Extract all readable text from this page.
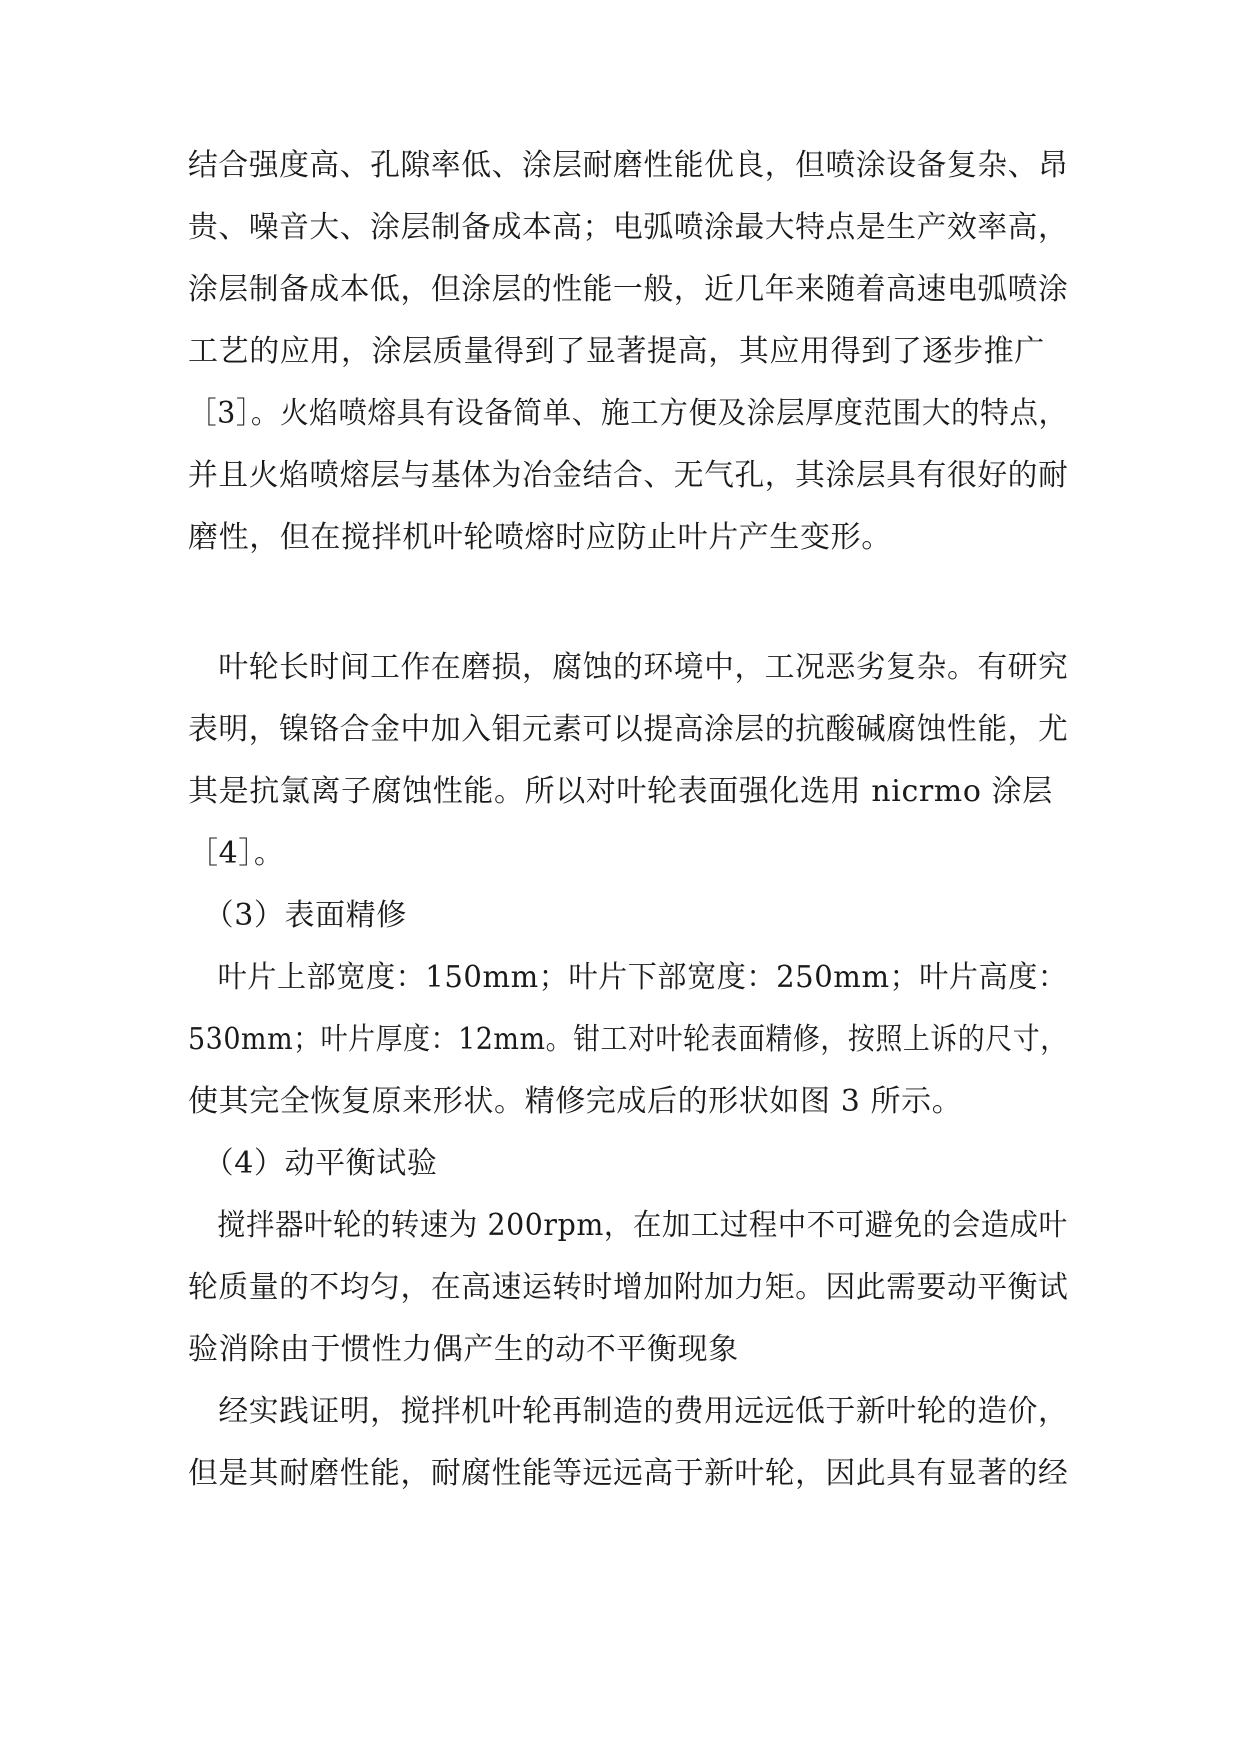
结合强度高、孔隙率低、涂层耐磨性能优良，但喷涂设备复杂、昂
贵、噪音大、涂层制备成本高；电弧喷涂最大特点是生产效率高，
涂层制备成本低，但涂层的性能一般，近几年来随着高速电弧喷涂
工艺的应用，涂层质量得到了显著提高，其应用得到了逐步推广
［3］。火焰喷熔具有设备简单、施工方便及涂层厚度范围大的特点，
并且火焰喷熔层与基体为冶金结合、无气孔，其涂层具有很好的耐
磨性，但在搅拌机叶轮喷熔时应防止叶片产生变形。
　叶轮长时间工作在磨损，腐蚀的环境中，工况恶劣复杂。有研究
表明，镍铬合金中加入钼元素可以提高涂层的抗酸碱腐蚀性能，尤
其是抗氯离子腐蚀性能。所以对叶轮表面强化选用 nicrmo 涂层
［4］。
　（3）表面精修
　叶片上部宽度：150mm；叶片下部宽度：250mm；叶片高度：
530mm；叶片厚度：12mm。钳工对叶轮表面精修，按照上诉的尺寸，
使其完全恢复原来形状。精修完成后的形状如图 3 所示。
　（4）动平衡试验
　搅拌器叶轮的转速为 200rpm，在加工过程中不可避免的会造成叶
轮质量的不均匀，在高速运转时增加附加力矩。因此需要动平衡试
验消除由于惯性力偶产生的动不平衡现象
　经实践证明，搅拌机叶轮再制造的费用远远低于新叶轮的造价，
但是其耐磨性能，耐腐性能等远远高于新叶轮，因此具有显著的经
